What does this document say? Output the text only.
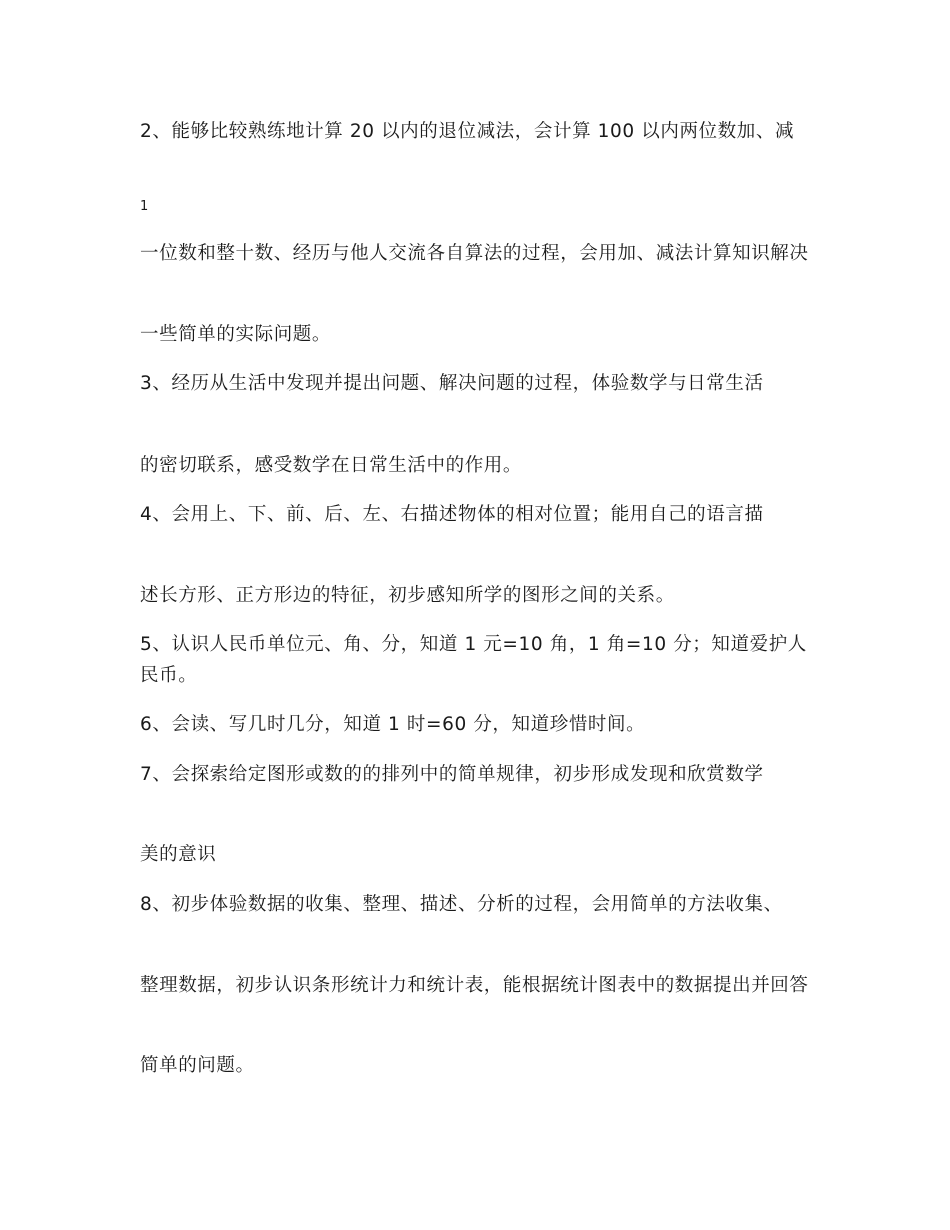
2、能够比较熟练地计算 20 以内的退位减法，会计算 100 以内两位数加、减

1

一位数和整十数、经历与他人交流各自算法的过程，会用加、减法计算知识解决

一些简单的实际问题。

3、经历从生活中发现并提出问题、解决问题的过程，体验数学与日常生活

的密切联系，感受数学在日常生活中的作用。

4、会用上、下、前、后、左、右描述物体的相对位置；能用自己的语言描

述长方形、正方形边的特征，初步感知所学的图形之间的关系。

5、认识人民币单位元、角、分，知道 1 元=10 角，1 角=10 分；知道爱护人民币。

6、会读、写几时几分，知道 1 时=60 分，知道珍惜时间。

7、会探索给定图形或数的的排列中的简单规律，初步形成发现和欣赏数学

美的意识

8、初步体验数据的收集、整理、描述、分析的过程，会用简单的方法收集、

整理数据，初步认识条形统计力和统计表，能根据统计图表中的数据提出并回答

简单的问题。
